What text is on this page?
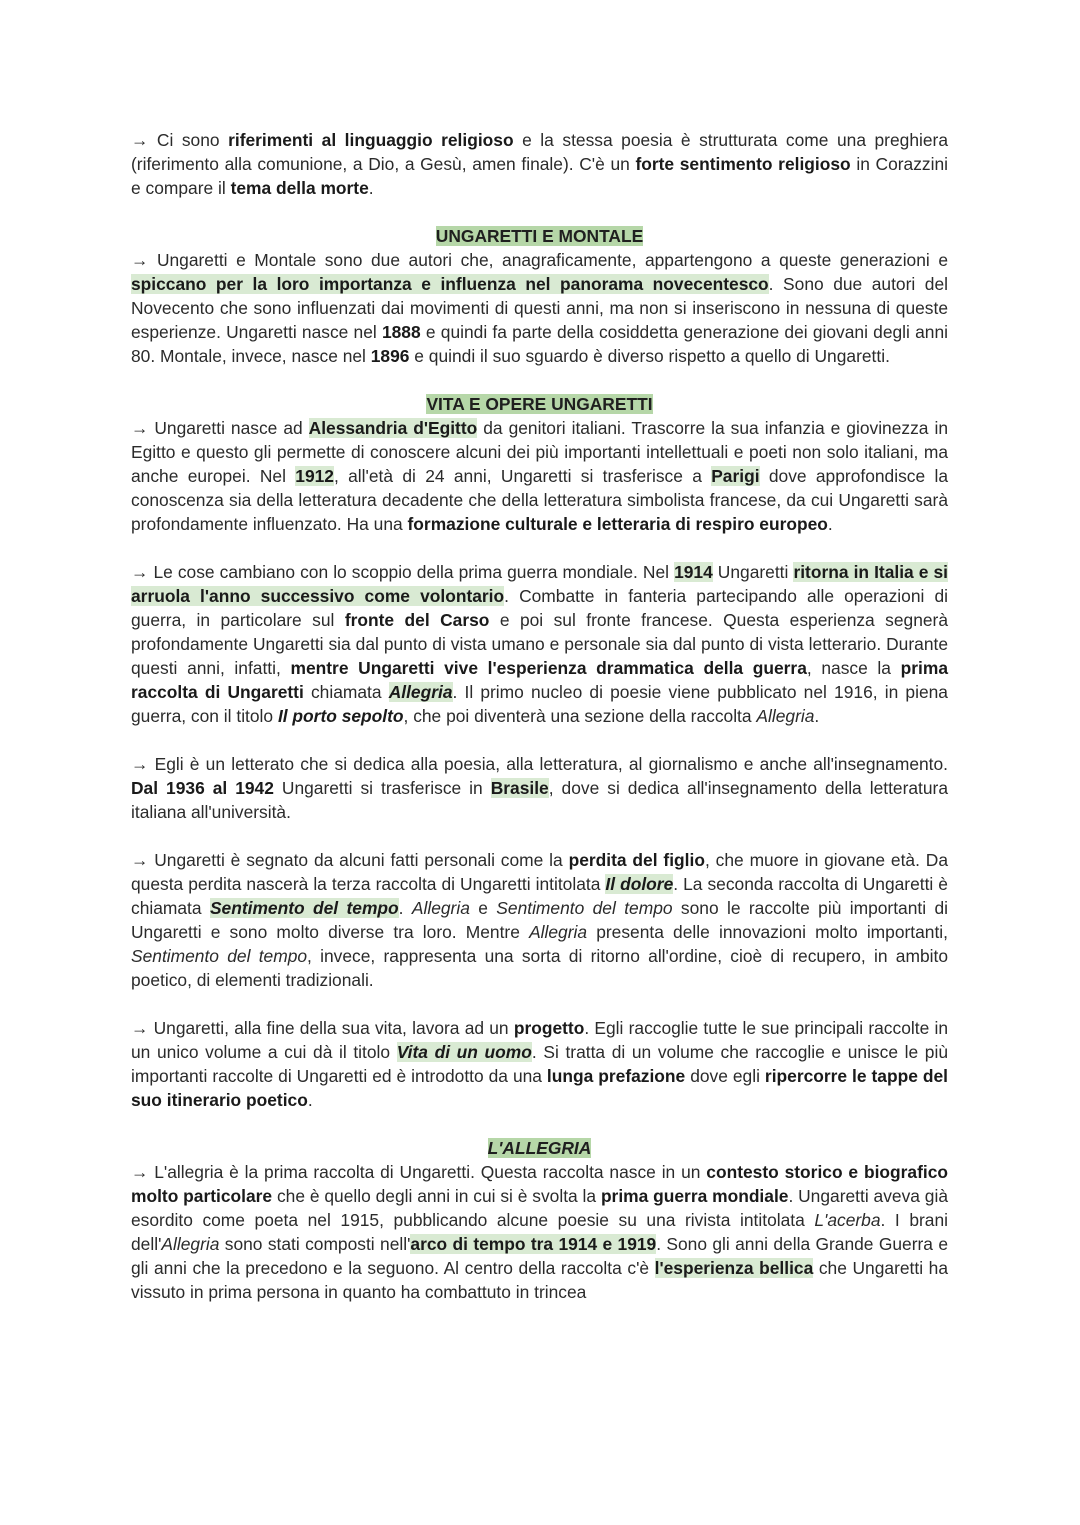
→ Ci sono riferimenti al linguaggio religioso e la stessa poesia è strutturata come una preghiera (riferimento alla comunione, a Dio, a Gesù, amen finale). C'è un forte sentimento religioso in Corazzini e compare il tema della morte.

UNGARETTI E MONTALE

→ Ungaretti e Montale sono due autori che, anagraficamente, appartengono a queste generazioni e spiccano per la loro importanza e influenza nel panorama novecentesco. Sono due autori del Novecento che sono influenzati dai movimenti di questi anni, ma non si inseriscono in nessuna di queste esperienze. Ungaretti nasce nel 1888 e quindi fa parte della cosiddetta generazione dei giovani degli anni 80. Montale, invece, nasce nel 1896 e quindi il suo sguardo è diverso rispetto a quello di Ungaretti.

VITA E OPERE UNGARETTI

→ Ungaretti nasce ad Alessandria d'Egitto da genitori italiani. Trascorre la sua infanzia e giovinezza in Egitto e questo gli permette di conoscere alcuni dei più importanti intellettuali e poeti non solo italiani, ma anche europei. Nel 1912, all'età di 24 anni, Ungaretti si trasferisce a Parigi dove approfondisce la conoscenza sia della letteratura decadente che della letteratura simbolista francese, da cui Ungaretti sarà profondamente influenzato. Ha una formazione culturale e letteraria di respiro europeo.

→ Le cose cambiano con lo scoppio della prima guerra mondiale. Nel 1914 Ungaretti ritorna in Italia e si arruola l'anno successivo come volontario. Combatte in fanteria partecipando alle operazioni di guerra, in particolare sul fronte del Carso e poi sul fronte francese. Questa esperienza segnerà profondamente Ungaretti sia dal punto di vista umano e personale sia dal punto di vista letterario. Durante questi anni, infatti, mentre Ungaretti vive l'esperienza drammatica della guerra, nasce la prima raccolta di Ungaretti chiamata Allegria. Il primo nucleo di poesie viene pubblicato nel 1916, in piena guerra, con il titolo Il porto sepolto, che poi diventerà una sezione della raccolta Allegria.

→ Egli è un letterato che si dedica alla poesia, alla letteratura, al giornalismo e anche all'insegnamento. Dal 1936 al 1942 Ungaretti si trasferisce in Brasile, dove si dedica all'insegnamento della letteratura italiana all'università.

→ Ungaretti è segnato da alcuni fatti personali come la perdita del figlio, che muore in giovane età. Da questa perdita nascerà la terza raccolta di Ungaretti intitolata Il dolore. La seconda raccolta di Ungaretti è chiamata Sentimento del tempo. Allegria e Sentimento del tempo sono le raccolte più importanti di Ungaretti e sono molto diverse tra loro. Mentre Allegria presenta delle innovazioni molto importanti, Sentimento del tempo, invece, rappresenta una sorta di ritorno all'ordine, cioè di recupero, in ambito poetico, di elementi tradizionali.

→ Ungaretti, alla fine della sua vita, lavora ad un progetto. Egli raccoglie tutte le sue principali raccolte in un unico volume a cui dà il titolo Vita di un uomo. Si tratta di un volume che raccoglie e unisce le più importanti raccolte di Ungaretti ed è introdotto da una lunga prefazione dove egli ripercorre le tappe del suo itinerario poetico.

L'ALLEGRIA

→ L'allegria è la prima raccolta di Ungaretti. Questa raccolta nasce in un contesto storico e biografico molto particolare che è quello degli anni in cui si è svolta la prima guerra mondiale. Ungaretti aveva già esordito come poeta nel 1915, pubblicando alcune poesie su una rivista intitolata L'acerba. I brani dell'Allegria sono stati composti nell'arco di tempo tra 1914 e 1919. Sono gli anni della Grande Guerra e gli anni che la precedono e la seguono. Al centro della raccolta c'è l'esperienza bellica che Ungaretti ha vissuto in prima persona in quanto ha combattuto in trincea
